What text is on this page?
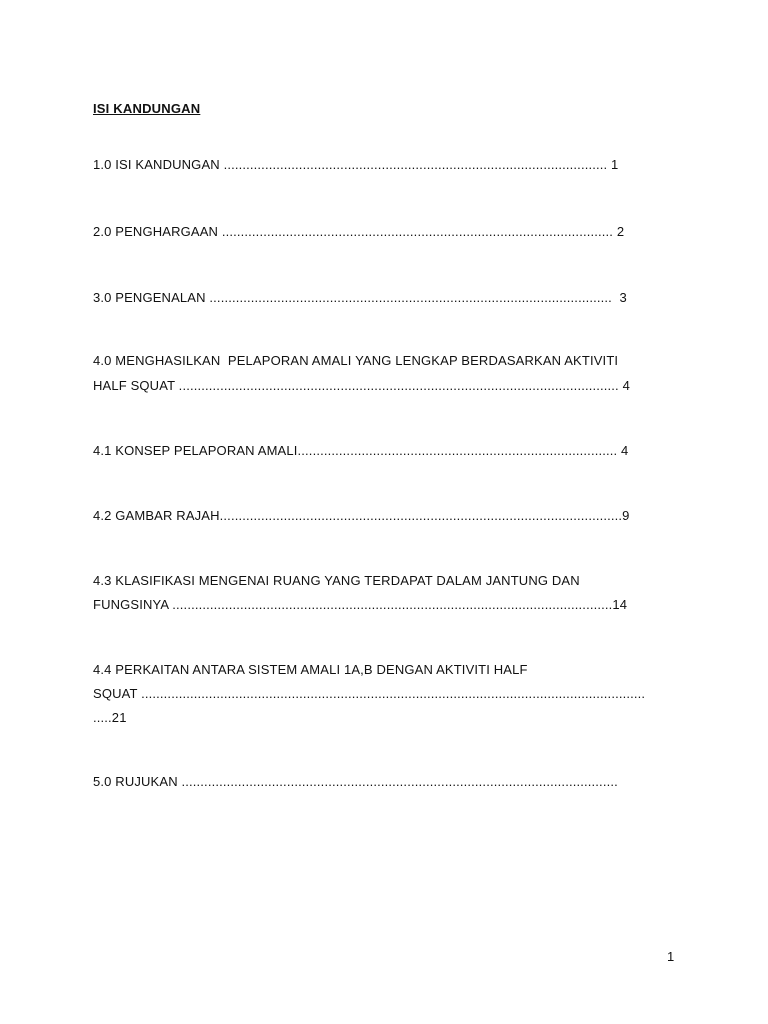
ISI KANDUNGAN
1.0 ISI KANDUNGAN ...................................................................................................... 1
2.0 PENGHARGAAN ........................................................................................................ 2
3.0 PENGENALAN ...........................................................................................................  3
4.0 MENGHASILKAN  PELAPORAN AMALI YANG LENGKAP BERDASARKAN AKTIVITI
HALF SQUAT ..................................................................................................................... 4
4.1 KONSEP PELAPORAN AMALI..................................................................................... 4
4.2 GAMBAR RAJAH...........................................................................................................9
4.3 KLASIFIKASI MENGENAI RUANG YANG TERDAPAT DALAM JANTUNG DAN
FUNGSINYA .....................................................................................................................14
4.4 PERKAITAN ANTARA SISTEM AMALI 1A,B DENGAN AKTIVITI HALF
SQUAT ......................................................................................................................................
.....21
5.0 RUJUKAN ....................................................................................................................
1
